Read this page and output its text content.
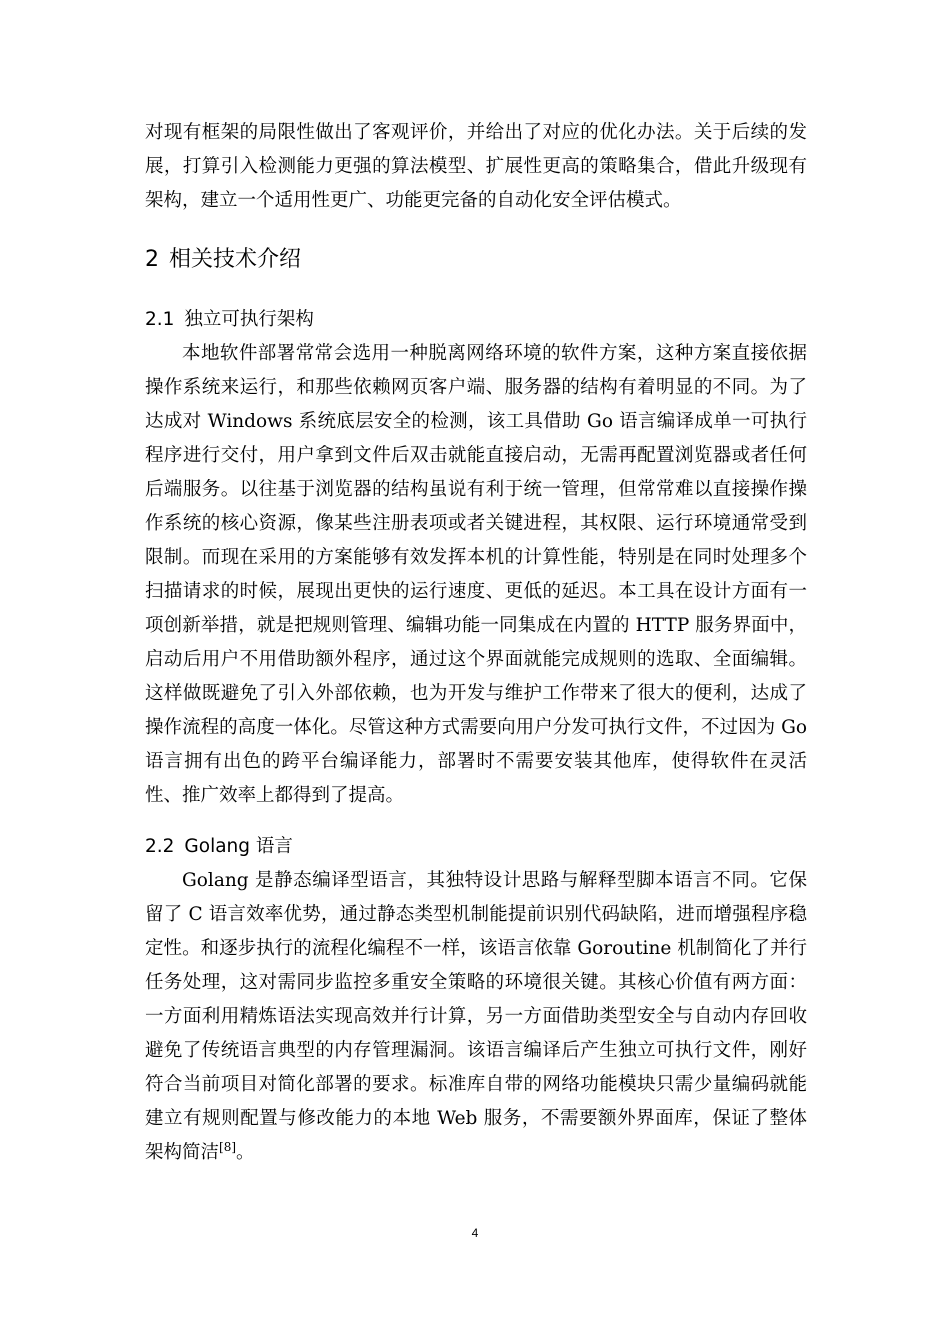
对现有框架的局限性做出了客观评价，并给出了对应的优化办法。关于后续的发展，打算引入检测能力更强的算法模型、扩展性更高的策略集合，借此升级现有架构，建立一个适用性更广、功能更完备的自动化安全评估模式。

2 相关技术介绍
2.1 独立可执行架构

本地软件部署常常会选用一种脱离网络环境的软件方案，这种方案直接依据操作系统来运行，和那些依赖网页客户端、服务器的结构有着明显的不同。为了达成对 Windows 系统底层安全的检测，该工具借助 Go 语言编译成单一可执行程序进行交付，用户拿到文件后双击就能直接启动，无需再配置浏览器或者任何后端服务。以往基于浏览器的结构虽说有利于统一管理，但常常难以直接操作操作系统的核心资源，像某些注册表项或者关键进程，其权限、运行环境通常受到限制。而现在采用的方案能够有效发挥本机的计算性能，特别是在同时处理多个扫描请求的时候，展现出更快的运行速度、更低的延迟。本工具在设计方面有一项创新举措，就是把规则管理、编辑功能一同集成在内置的 HTTP 服务界面中，启动后用户不用借助额外程序，通过这个界面就能完成规则的选取、全面编辑。这样做既避免了引入外部依赖，也为开发与维护工作带来了很大的便利，达成了操作流程的高度一体化。尽管这种方式需要向用户分发可执行文件，不过因为 Go 语言拥有出色的跨平台编译能力，部署时不需要安装其他库，使得软件在灵活性、推广效率上都得到了提高。

2.2 Golang 语言

Golang 是静态编译型语言，其独特设计思路与解释型脚本语言不同。它保留了 C 语言效率优势，通过静态类型机制能提前识别代码缺陷，进而增强程序稳定性。和逐步执行的流程化编程不一样，该语言依靠 Goroutine 机制简化了并行任务处理，这对需同步监控多重安全策略的环境很关键。其核心价值有两方面：一方面利用精炼语法实现高效并行计算，另一方面借助类型安全与自动内存回收避免了传统语言典型的内存管理漏洞。该语言编译后产生独立可执行文件，刚好符合当前项目对简化部署的要求。标准库自带的网络功能模块只需少量编码就能建立有规则配置与修改能力的本地 Web 服务，不需要额外界面库，保证了整体架构简洁[8]。

4
